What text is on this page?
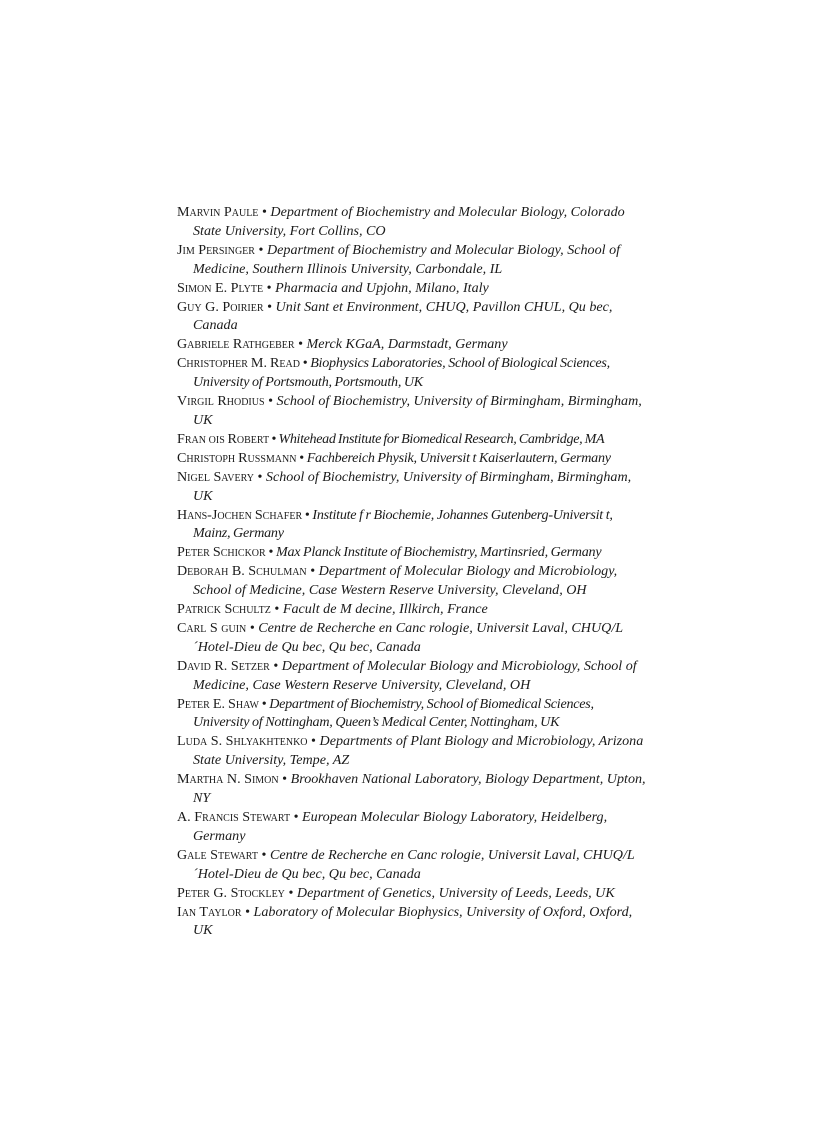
Marvin Paule • Department of Biochemistry and Molecular Biology, Colorado State University, Fort Collins, CO
Jim Persinger • Department of Biochemistry and Molecular Biology, School of Medicine, Southern Illinois University, Carbondale, IL
Simon E. Plyte • Pharmacia and Upjohn, Milano, Italy
Guy G. Poirier • Unit Sant et Environment, CHUQ, Pavillon CHUL, Qu bec, Canada
Gabriele Rathgeber • Merck KGaA, Darmstadt, Germany
Christopher M. Read • Biophysics Laboratories, School of Biological Sciences, University of Portsmouth, Portsmouth, UK
Virgil Rhodius • School of Biochemistry, University of Birmingham, Birmingham, UK
Fran ois Robert • Whitehead Institute for Biomedical Research, Cambridge, MA
Christoph Russmann • Fachbereich Physik, Universit t Kaiserlautern, Germany
Nigel Savery • School of Biochemistry, University of Birmingham, Birmingham, UK
Hans-Jochen Schafer • Institute f r Biochemie, Johannes Gutenberg-Universit t, Mainz, Germany
Peter Schickor • Max Planck Institute of Biochemistry, Martinsried, Germany
Deborah B. Schulman • Department of Molecular Biology and Microbiology, School of Medicine, Case Western Reserve University, Cleveland, OH
Patrick Schultz • Facult de M decine, Illkirch, France
Carl S guin • Centre de Recherche en Canc rologie, Universit Laval, CHUQ/L´Hotel-Dieu de Qu bec, Qu bec, Canada
David R. Setzer • Department of Molecular Biology and Microbiology, School of Medicine, Case Western Reserve University, Cleveland, OH
Peter E. Shaw • Department of Biochemistry, School of Biomedical Sciences, University of Nottingham, Queen’s Medical Center, Nottingham, UK
Luda S. Shlyakhtenko • Departments of Plant Biology and Microbiology, Arizona State University, Tempe, AZ
Martha N. Simon • Brookhaven National Laboratory, Biology Department, Upton, NY
A. Francis Stewart • European Molecular Biology Laboratory, Heidelberg, Germany
Gale Stewart • Centre de Recherche en Canc rologie, Universit Laval, CHUQ/L´Hotel-Dieu de Qu bec, Qu bec, Canada
Peter G. Stockley • Department of Genetics, University of Leeds, Leeds, UK
Ian Taylor • Laboratory of Molecular Biophysics, University of Oxford, Oxford, UK
